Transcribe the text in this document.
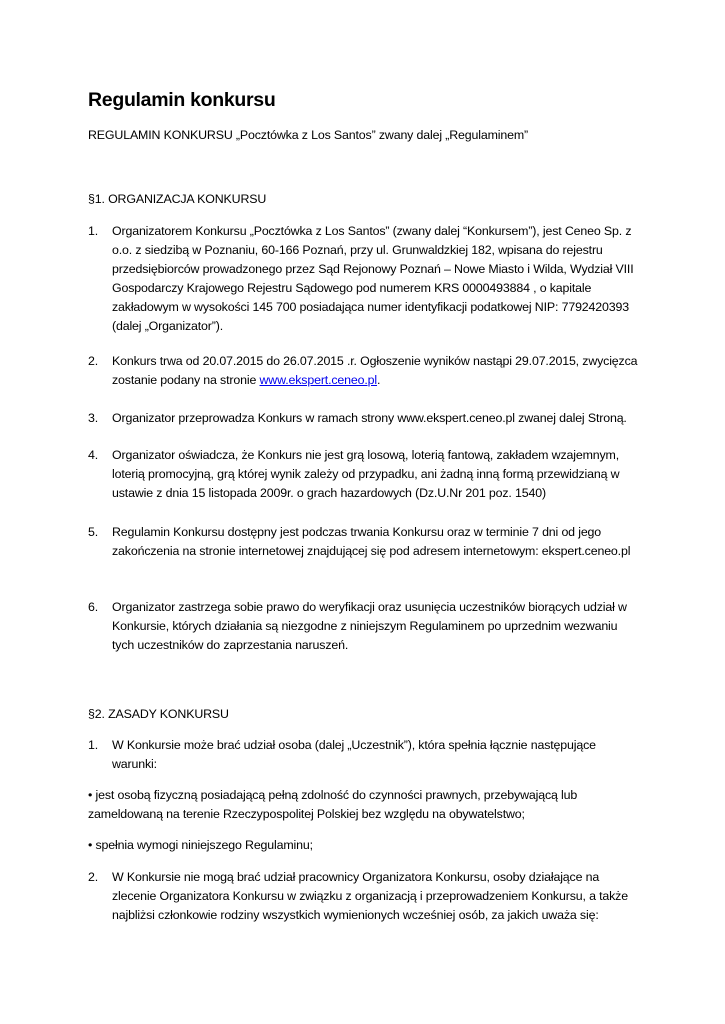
Regulamin konkursu
REGULAMIN KONKURSU „Pocztówka z Los Santos” zwany dalej „Regulaminem”
§1. ORGANIZACJA KONKURSU
1. Organizatorem Konkursu „Pocztówka z Los Santos” (zwany dalej “Konkursem”), jest Ceneo Sp. z o.o. z siedzibą w Poznaniu, 60-166 Poznań, przy ul. Grunwaldzkiej 182, wpisana do rejestru przedsiębiorców prowadzonego przez Sąd Rejonowy Poznań – Nowe Miasto i Wilda, Wydział VIII Gospodarczy Krajowego Rejestru Sądowego pod numerem KRS 0000493884 , o kapitale zakładowym w wysokości 145 700 posiadająca numer identyfikacji podatkowej NIP: 7792420393 (dalej „Organizator”).
2. Konkurs trwa od 20.07.2015 do 26.07.2015 .r. Ogłoszenie wyników nastąpi 29.07.2015, zwycięzca zostanie podany na stronie www.ekspert.ceneo.pl.
3. Organizator przeprowadza Konkurs w ramach strony www.ekspert.ceneo.pl zwanej dalej Stroną.
4. Organizator oświadcza, że Konkurs nie jest grą losową, loterią fantową, zakładem wzajemnym, loterią promocyjną, grą której wynik zależy od przypadku, ani żadną inną formą przewidzianą w ustawie z dnia 15 listopada 2009r. o grach hazardowych (Dz.U.Nr 201 poz. 1540)
5. Regulamin Konkursu dostępny jest podczas trwania Konkursu oraz w terminie 7 dni od jego zakończenia na stronie internetowej znajdującej się pod adresem internetowym: ekspert.ceneo.pl
6. Organizator zastrzega sobie prawo do weryfikacji oraz usunięcia uczestników biorących udział w Konkursie, których działania są niezgodne z niniejszym Regulaminem po uprzednim wezwaniu tych uczestników do zaprzestania naruszeń.
§2. ZASADY KONKURSU
1. W Konkursie może brać udział osoba (dalej „Uczestnik”), która spełnia łącznie następujące warunki:
• jest osobą fizyczną posiadającą pełną zdolność do czynności prawnych, przebywającą lub zameldowaną na terenie Rzeczypospolitej Polskiej bez względu na obywatelstwo;
• spełnia wymogi niniejszego Regulaminu;
2. W Konkursie nie mogą brać udział pracownicy Organizatora Konkursu, osoby działające na zlecenie Organizatora Konkursu w związku z organizacją i przeprowadzeniem Konkursu, a także najbliżsi członkowie rodziny wszystkich wymienionych wcześniej osób, za jakich uważa się:
